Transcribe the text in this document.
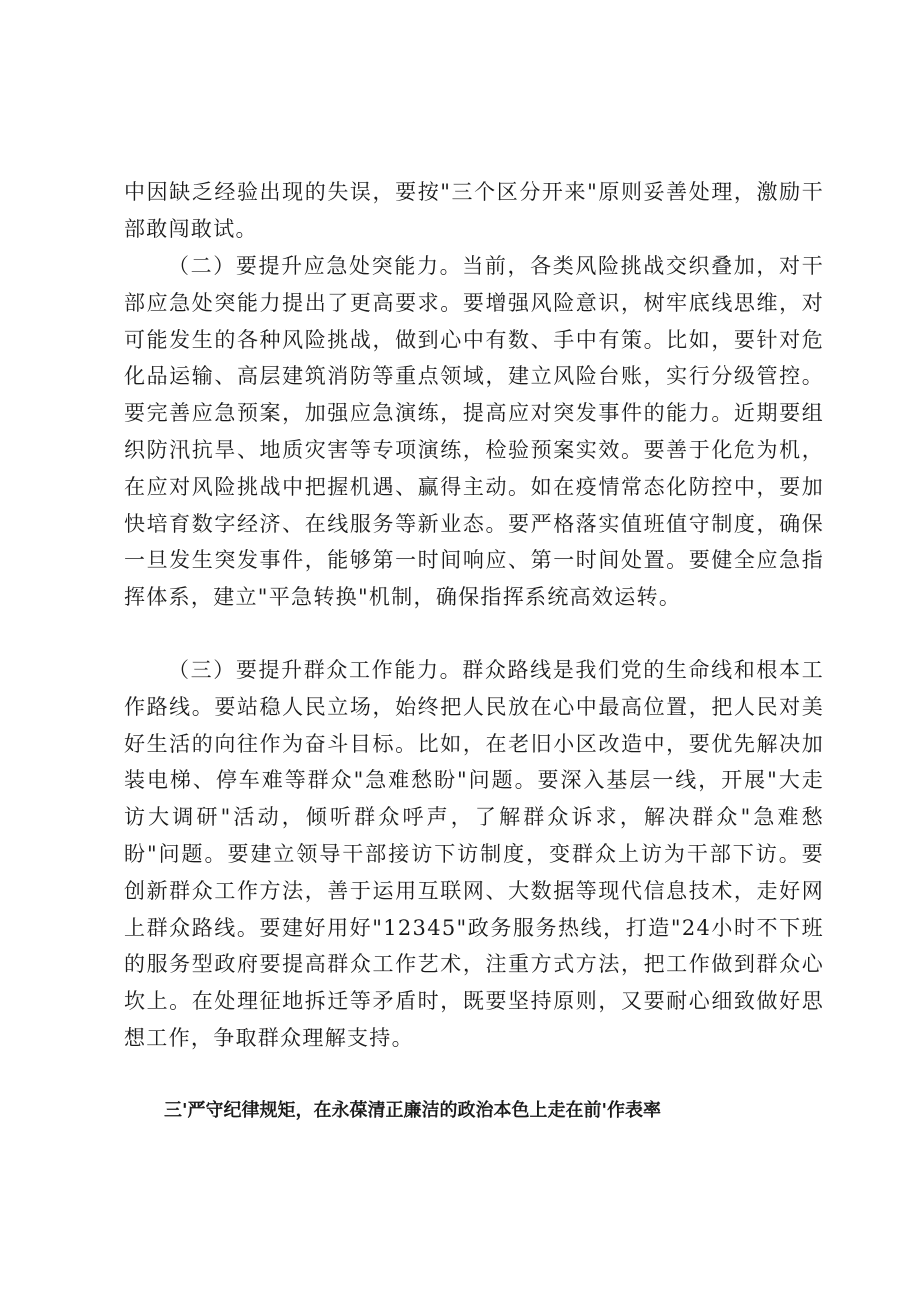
中因缺乏经验出现的失误，要按"三个区分开来"原则妥善处理，激励干部敢闯敢试。

（二）要提升应急处突能力。当前，各类风险挑战交织叠加，对干部应急处突能力提出了更高要求。要增强风险意识，树牢底线思维，对可能发生的各种风险挑战，做到心中有数、手中有策。比如，要针对危化品运输、高层建筑消防等重点领域，建立风险台账，实行分级管控。要完善应急预案，加强应急演练，提高应对突发事件的能力。近期要组织防汛抗旱、地质灾害等专项演练，检验预案实效。要善于化危为机，在应对风险挑战中把握机遇、赢得主动。如在疫情常态化防控中，要加快培育数字经济、在线服务等新业态。要严格落实值班值守制度，确保一旦发生突发事件，能够第一时间响应、第一时间处置。要健全应急指挥体系，建立"平急转换"机制，确保指挥系统高效运转。

（三）要提升群众工作能力。群众路线是我们党的生命线和根本工作路线。要站稳人民立场，始终把人民放在心中最高位置，把人民对美好生活的向往作为奋斗目标。比如，在老旧小区改造中，要优先解决加装电梯、停车难等群众"急难愁盼"问题。要深入基层一线，开展"大走访大调研"活动，倾听群众呼声，了解群众诉求，解决群众"急难愁盼"问题。要建立领导干部接访下访制度，变群众上访为干部下访。要创新群众工作方法，善于运用互联网、大数据等现代信息技术，走好网上群众路线。要建好用好"12345"政务服务热线，打造"24小时不下班的服务型政府要提高群众工作艺术，注重方式方法，把工作做到群众心坎上。在处理征地拆迁等矛盾时，既要坚持原则，又要耐心细致做好思想工作，争取群众理解支持。

三'严守纪律规矩，在永葆清正廉洁的政治本色上走在前'作表率
